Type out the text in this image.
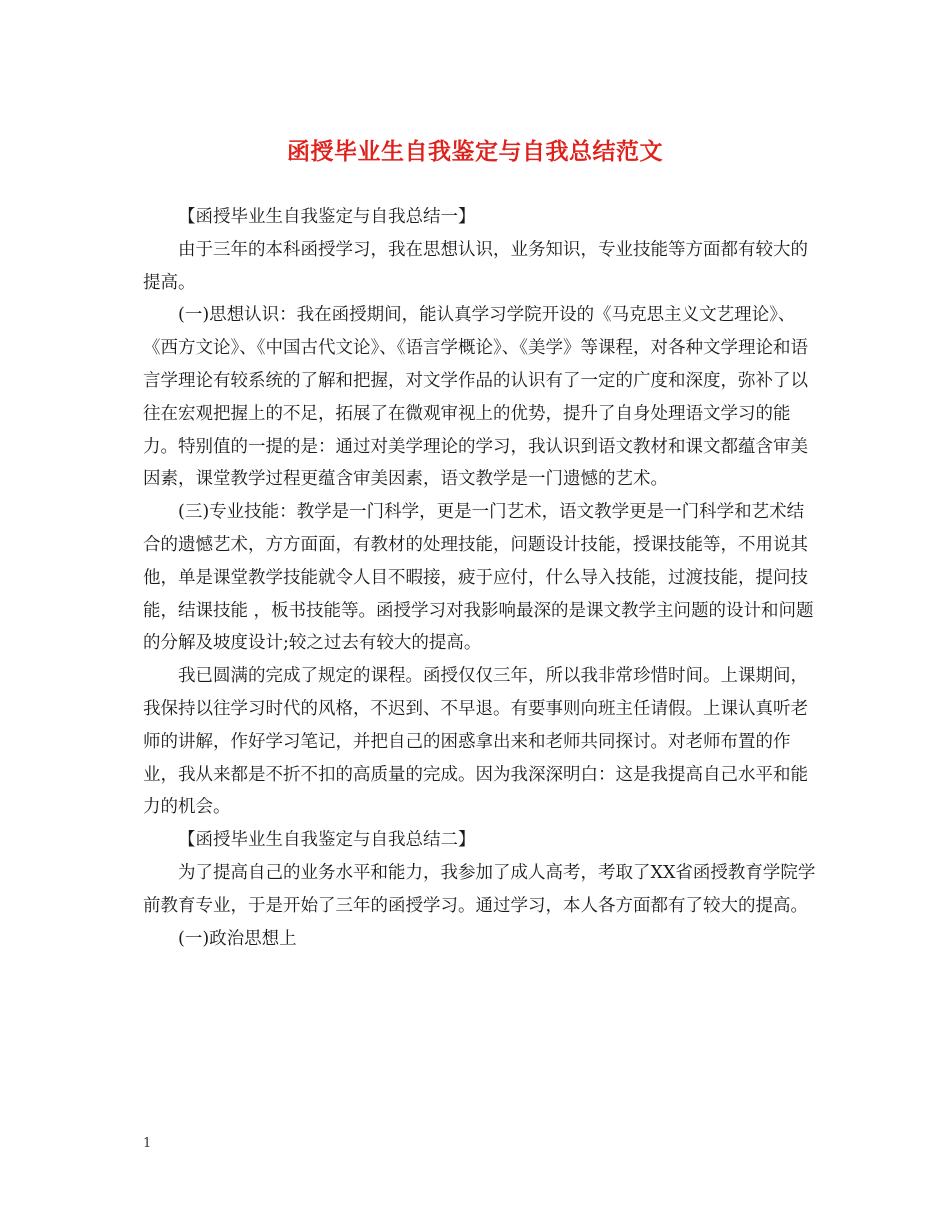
函授毕业生自我鉴定与自我总结范文

【函授毕业生自我鉴定与自我总结一】

由于三年的本科函授学习，我在思想认识，业务知识，专业技能等方面都有较大的提高。

(一)思想认识：我在函授期间，能认真学习学院开设的《马克思主义文艺理论》、《西方文论》、《中国古代文论》、《语言学概论》、《美学》等课程，对各种文学理论和语言学理论有较系统的了解和把握，对文学作品的认识有了一定的广度和深度，弥补了以往在宏观把握上的不足，拓展了在微观审视上的优势，提升了自身处理语文学习的能力。特别值的一提的是：通过对美学理论的学习，我认识到语文教材和课文都蕴含审美因素，课堂教学过程更蕴含审美因素，语文教学是一门遗憾的艺术。

(三)专业技能：教学是一门科学，更是一门艺术，语文教学更是一门科学和艺术结合的遗憾艺术，方方面面，有教材的处理技能，问题设计技能，授课技能等，不用说其他，单是课堂教学技能就令人目不暇接，疲于应付，什么导入技能，过渡技能，提问技能，结课技能 ，板书技能等。函授学习对我影响最深的是课文教学主问题的设计和问题的分解及坡度设计;较之过去有较大的提高。

我已圆满的完成了规定的课程。函授仅仅三年，所以我非常珍惜时间。上课期间，我保持以往学习时代的风格，不迟到、不早退。有要事则向班主任请假。上课认真听老师的讲解，作好学习笔记，并把自己的困惑拿出来和老师共同探讨。对老师布置的作业，我从来都是不折不扣的高质量的完成。因为我深深明白：这是我提高自己水平和能力的机会。

【函授毕业生自我鉴定与自我总结二】

为了提高自己的业务水平和能力，我参加了成人高考，考取了XX省函授教育学院学前教育专业，于是开始了三年的函授学习。通过学习，本人各方面都有了较大的提高。

(一)政治思想上

1
